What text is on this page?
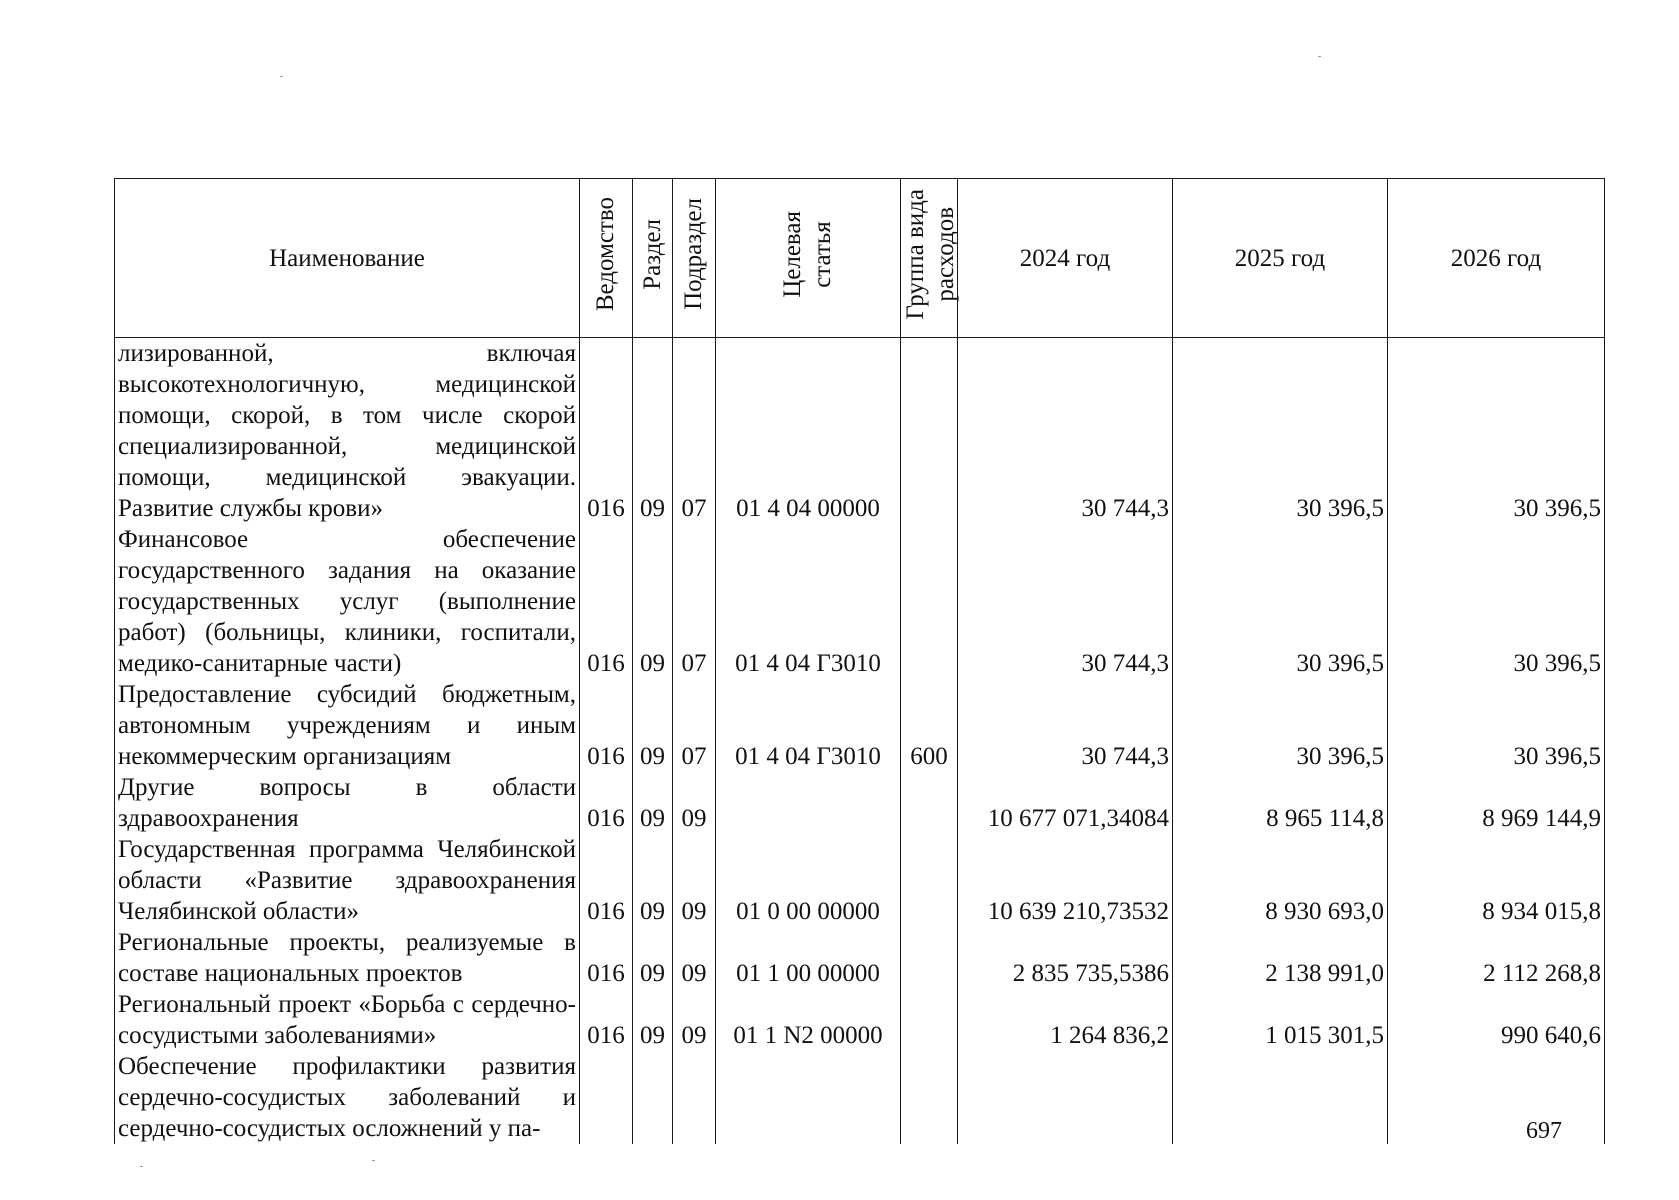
Наименование	Ведомство	Раздел	Подраздел	Целевая статья	Группа вида расходов	2024 год	2025 год	2026 год
лизированной, включая высокотехнологичную, медицинской помощи, скорой, в том числе скорой специализированной, медицинской помощи, медицинской эвакуации. Развитие службы крови»	016	09	07	01 4 04 00000		30 744,3	30 396,5	30 396,5
Финансовое обеспечение государственного задания на оказание государственных услуг (выполнение работ) (больницы, клиники, госпитали, медико-санитарные части)	016	09	07	01 4 04 Г3010		30 744,3	30 396,5	30 396,5
Предоставление субсидий бюджетным, автономным учреждениям и иным некоммерческим организациям	016	09	07	01 4 04 Г3010	600	30 744,3	30 396,5	30 396,5
Другие вопросы в области здравоохранения	016	09	09			10 677 071,34084	8 965 114,8	8 969 144,9
Государственная программа Челябинской области «Развитие здравоохранения Челябинской области»	016	09	09	01 0 00 00000		10 639 210,73532	8 930 693,0	8 934 015,8
Региональные проекты, реализуемые в составе национальных проектов	016	09	09	01 1 00 00000		2 835 735,5386	2 138 991,0	2 112 268,8
Региональный проект «Борьба с сердечно-сосудистыми заболеваниями»	016	09	09	01 1 N2 00000		1 264 836,2	1 015 301,5	990 640,6
Обеспечение профилактики развития сердечно-сосудистых заболеваний и сердечно-сосудистых осложнений у па-									697
